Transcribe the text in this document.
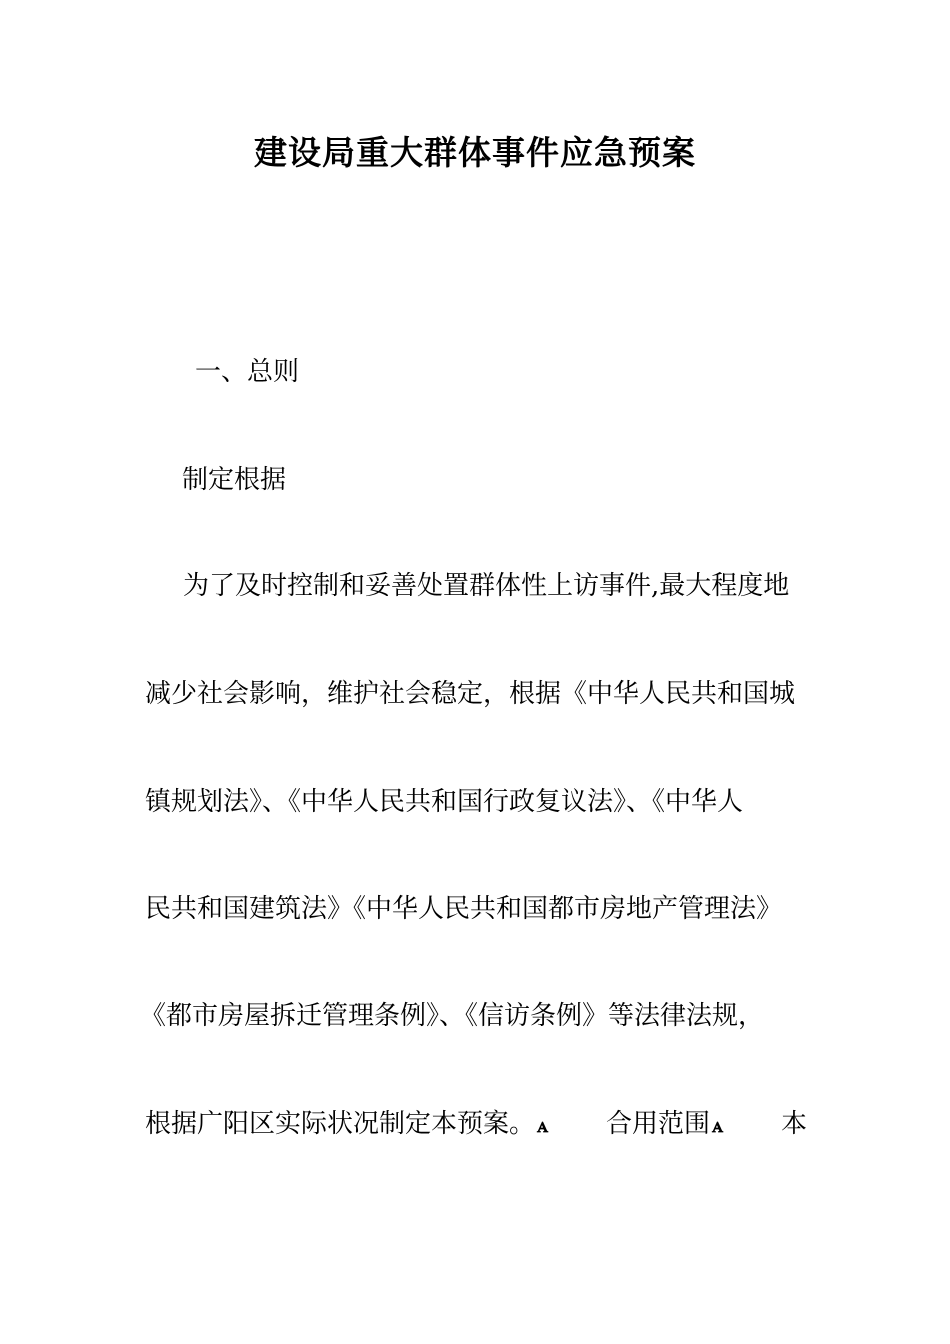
建设局重大群体事件应急预案
一、总则
制定根据
为了及时控制和妥善处置群体性上访事件,最大程度地
减少社会影响，维护社会稳定，根据《中华人民共和国城
镇规划法》、《中华人民共和国行政复议法》、《中华人
民共和国建筑法》《中华人民共和国都市房地产管理法》
《都市房屋拆迁管理条例》、《信访条例》等法律法规，
根据广阳区实际状况制定本预案。ꭺ 合用范围ꭺ 本
